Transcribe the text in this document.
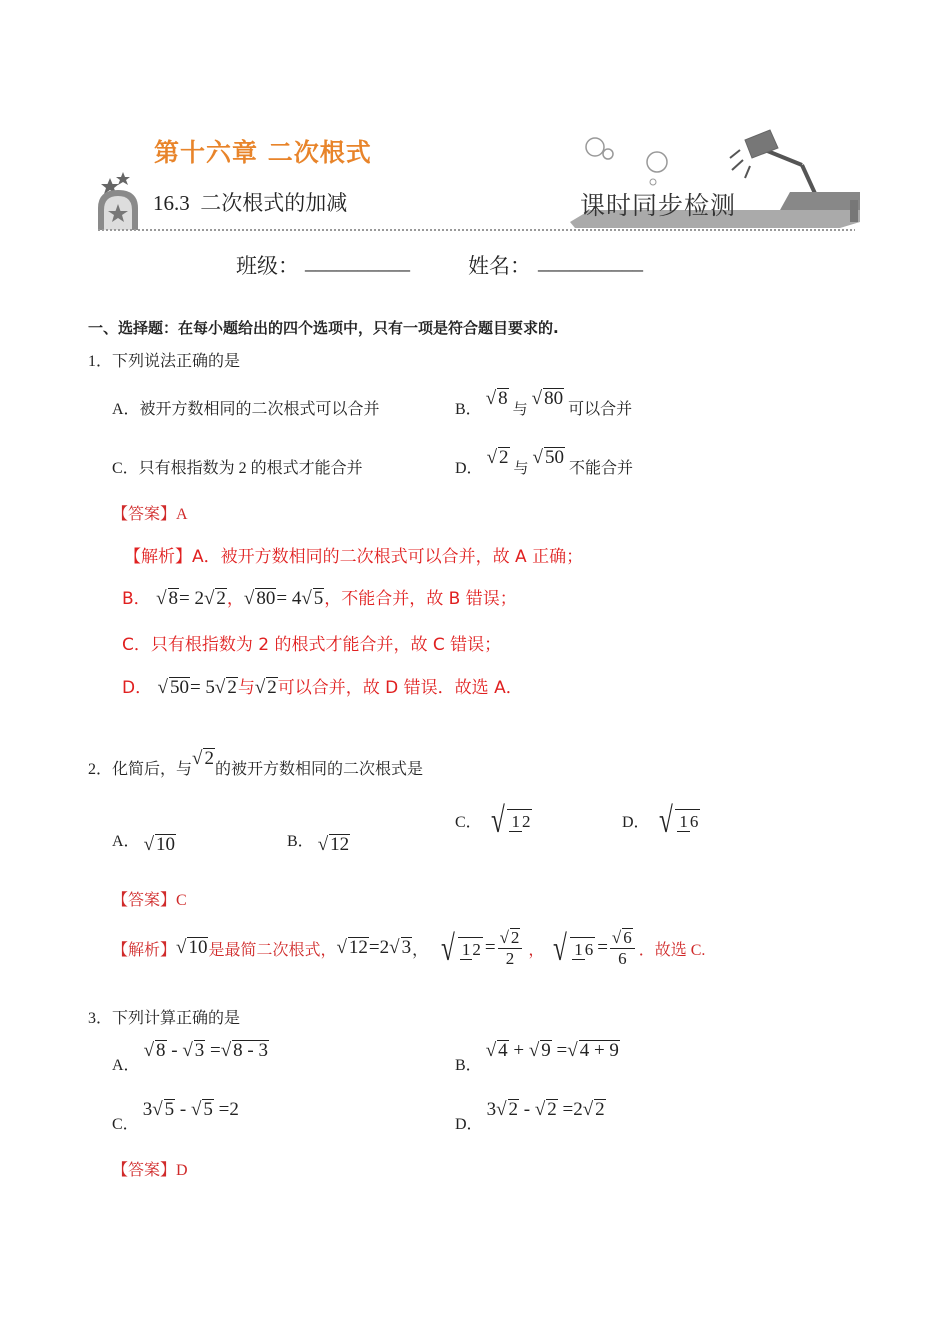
第十六章 二次根式
16.3  二次根式的加减	课时同步检测
班级： __________	姓名： __________
一、选择题：在每小题给出的四个选项中，只有一项是符合题目要求的.
1．下列说法正确的是
A．被开方数相同的二次根式可以合并	B． √ 8 与 √ 80 可以合并
C．只有根指数为 2 的根式才能合并	D． √ 2 与 √ 50 不能合并
【答案】A
【解析】A．被开方数相同的二次根式可以合并，故 A 正确；
B． √ 8= 2√ 2，√ 80= 4√ 5，不能合并，故 B 错误；
C．只有根指数为 2 的根式才能合并，故 C 错误；
D． √ 50= 5√ 2与√ 2可以合并，故 D 错误．故选 A．
2．化简后，与√ 2的被开方数相同的二次根式是
A． √ 10	B． √ 12
C． √ 1 2	D． √ 1 6
【答案】C
【解析】 √ 10 是最简二次根式， √ 12=2√ 3 ， √ 1 $2 = \frac{√ 2}{2}$ ， √ 1 $6 = \frac{√ 6}{6}$ ．故选 C.
3．下列计算正确的是
A． √ 8 - √ 3 =√ 8 - 3
B． √ 4 + √ 9 =√ 4 + 9
C． 3√ 5 - √ 5 =2
D． 3√ 2 - √ 2 =2√ 2
【答案】D
